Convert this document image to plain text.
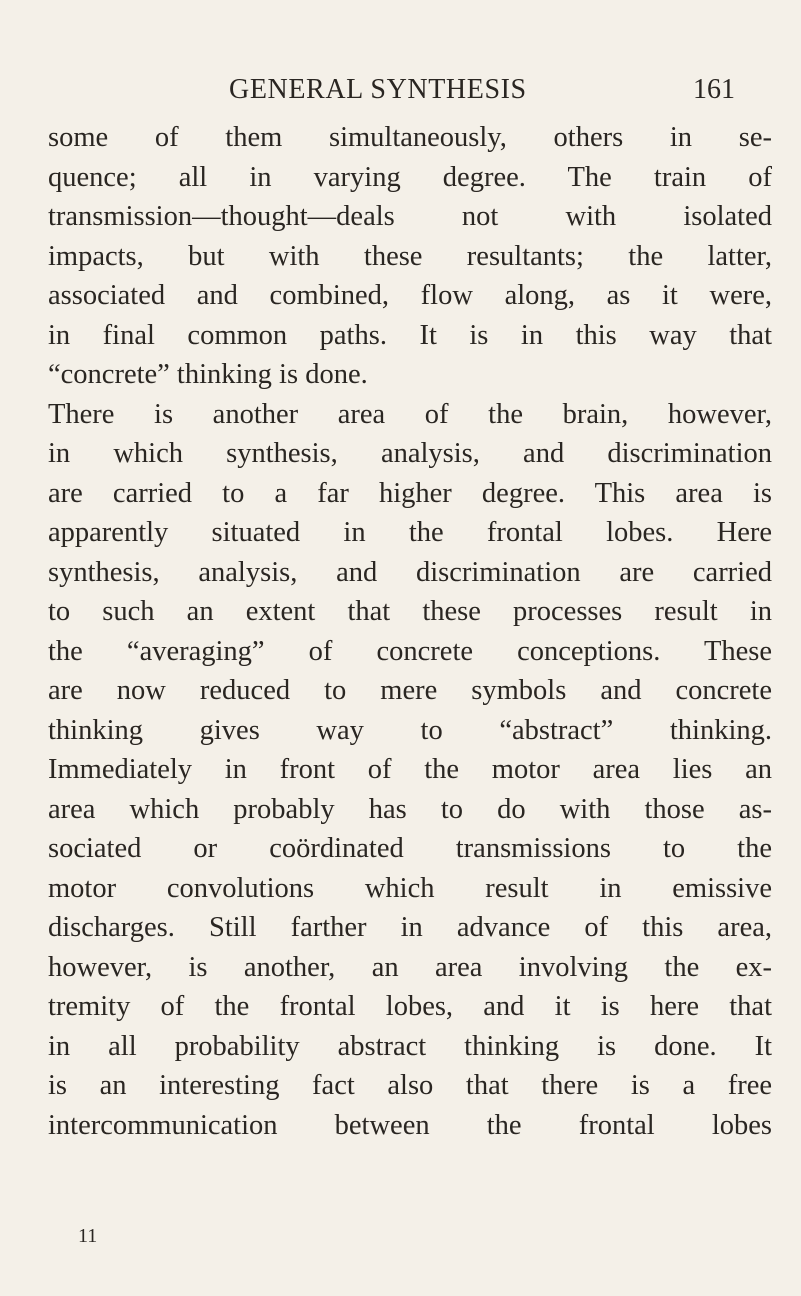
GENERAL SYNTHESIS	161
some of them simultaneously, others in se-
quence; all in varying degree. The train of
transmission—thought—deals not with isolated
impacts, but with these resultants; the latter,
associated and combined, flow along, as it were,
in final common paths. It is in this way that
“concrete” thinking is done.
There is another area of the brain, however,
in which synthesis, analysis, and discrimination
are carried to a far higher degree. This area is
apparently situated in the frontal lobes. Here
synthesis, analysis, and discrimination are carried
to such an extent that these processes result in
the “averaging” of concrete conceptions. These
are now reduced to mere symbols and concrete
thinking gives way to “abstract” thinking.
Immediately in front of the motor area lies an
area which probably has to do with those as-
sociated or coördinated transmissions to the
motor convolutions which result in emissive
discharges. Still farther in advance of this area,
however, is another, an area involving the ex-
tremity of the frontal lobes, and it is here that
in all probability abstract thinking is done. It
is an interesting fact also that there is a free
intercommunication between the frontal lobes
11
